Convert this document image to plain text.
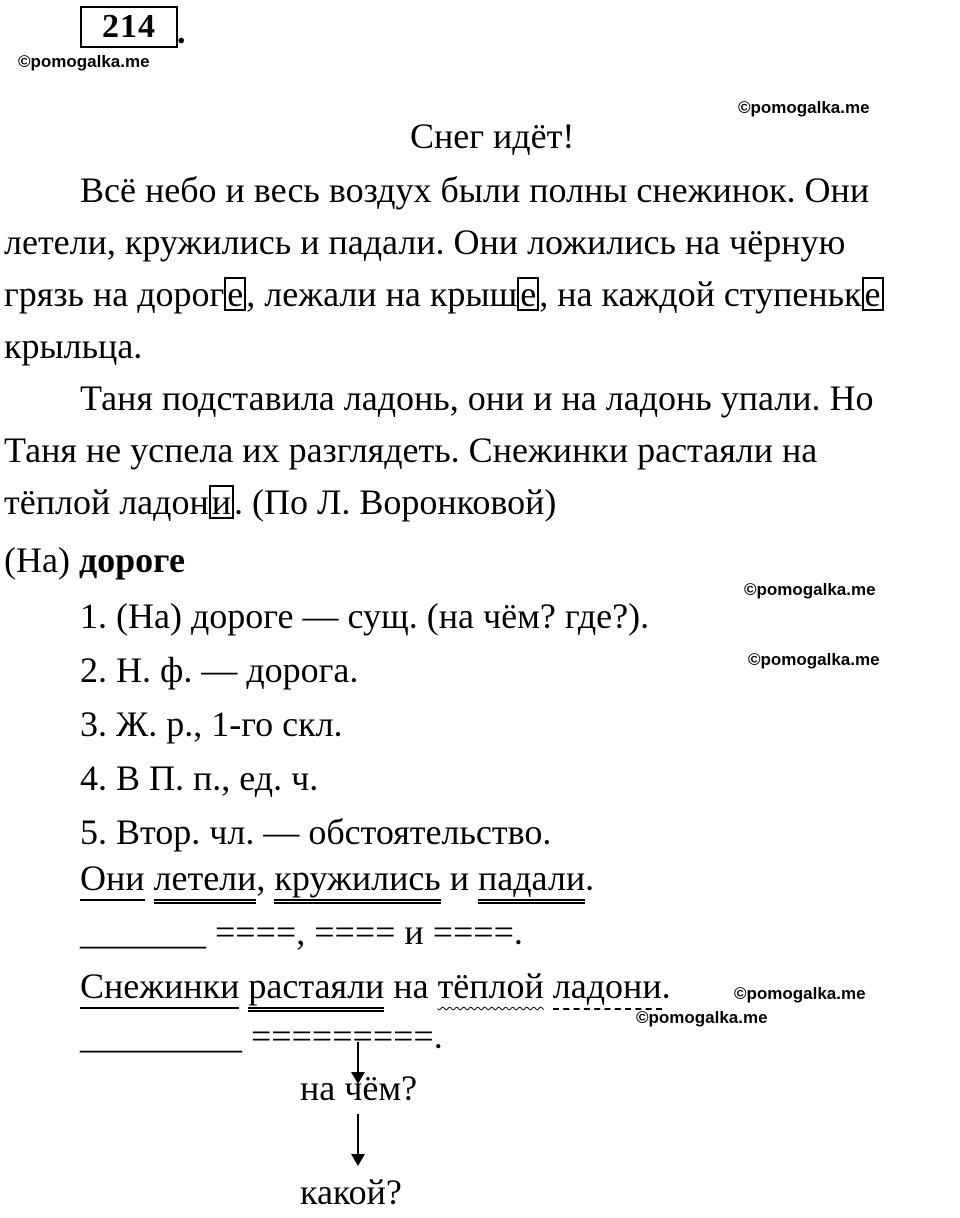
214 .
©pomogalka.me
©pomogalka.me
Снег идёт!
Всё небо и весь воздух были полны снежинок. Они
летели, кружились и падали. Они ложились на чёрную
грязь на дороге, лежали на крыше, на каждой ступеньке
крыльца.
Таня подставила ладонь, они и на ладонь упали. Но
Таня не успела их разглядеть. Снежинки растаяли на
тёплой ладони. (По Л. Воронковой)
(На) дороге
©pomogalka.me
1. (На) дороге — сущ. (на чём? где?).
2. Н. ф. — дорога.	©pomogalka.me
3. Ж. р., 1-го скл.
4. В П. п., ед. ч.
5. Втор. чл. — обстоятельство.
Они летели, кружились и падали.
_______ ====, ==== и ====.
Снежинки растаяли на тёплой ладони.	©pomogalka.me
©pomogalka.me
_________ =========.
на чём?
какой?
